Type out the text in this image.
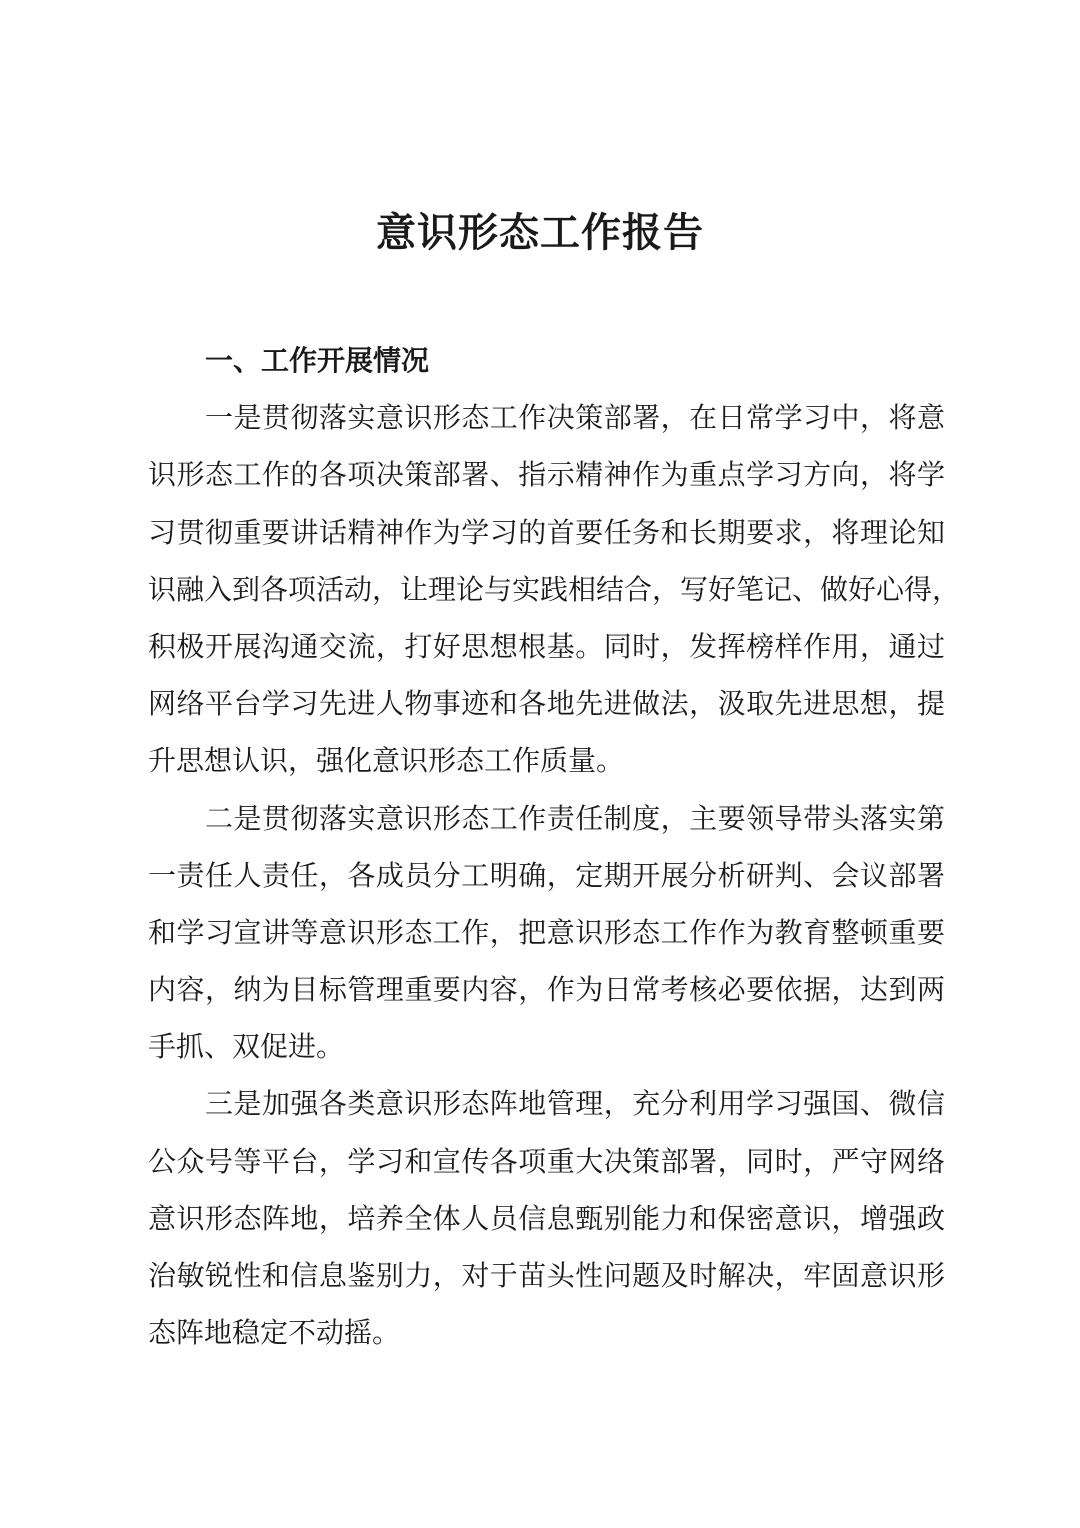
意识形态工作报告
一、工作开展情况
一是贯彻落实意识形态工作决策部署，在日常学习中，将意
识形态工作的各项决策部署、指示精神作为重点学习方向，将学
习贯彻重要讲话精神作为学习的首要任务和长期要求，将理论知
识融入到各项活动，让理论与实践相结合，写好笔记、做好心得，
积极开展沟通交流，打好思想根基。同时，发挥榜样作用，通过
网络平台学习先进人物事迹和各地先进做法，汲取先进思想，提
升思想认识，强化意识形态工作质量。
二是贯彻落实意识形态工作责任制度，主要领导带头落实第
一责任人责任，各成员分工明确，定期开展分析研判、会议部署
和学习宣讲等意识形态工作，把意识形态工作作为教育整顿重要
内容，纳为目标管理重要内容，作为日常考核必要依据，达到两
手抓、双促进。
三是加强各类意识形态阵地管理，充分利用学习强国、微信
公众号等平台，学习和宣传各项重大决策部署，同时，严守网络
意识形态阵地，培养全体人员信息甄别能力和保密意识，增强政
治敏锐性和信息鉴别力，对于苗头性问题及时解决，牢固意识形
态阵地稳定不动摇。
